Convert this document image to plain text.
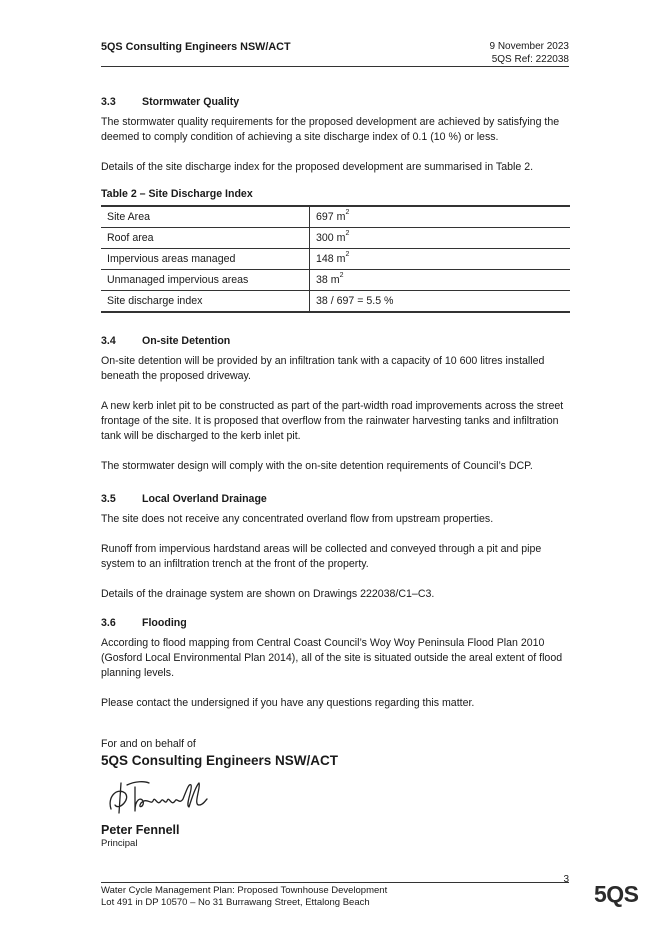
5QS Consulting Engineers NSW/ACT	9 November 2023
5QS Ref: 222038
3.3	Stormwater Quality

The stormwater quality requirements for the proposed development are achieved by satisfying the deemed to comply condition of achieving a site discharge index of 0.1 (10 %) or less.

Details of the site discharge index for the proposed development are summarised in Table 2.

Table 2 – Site Discharge Index
Site Area	697 $m^2$
Roof area	300 $m^2$
Impervious areas managed	148 $m^2$
Unmanaged impervious areas	38 $m^2$
Site discharge index	38 / 697 = 5.5 %
3.4	On-site Detention

On-site detention will be provided by an infiltration tank with a capacity of 10 600 litres installed beneath the proposed driveway.

A new kerb inlet pit to be constructed as part of the part-width road improvements across the street frontage of the site. It is proposed that overflow from the rainwater harvesting tanks and infiltration tank will be discharged to the kerb inlet pit.

The stormwater design will comply with the on-site detention requirements of Council’s DCP.

3.5	Local Overland Drainage

The site does not receive any concentrated overland flow from upstream properties.

Runoff from impervious hardstand areas will be collected and conveyed through a pit and pipe system to an infiltration trench at the front of the property.

Details of the drainage system are shown on Drawings 222038/C1–C3.

3.6	Flooding

According to flood mapping from Central Coast Council’s Woy Woy Peninsula Flood Plan 2010 (Gosford Local Environmental Plan 2014), all of the site is situated outside the areal extent of flood planning levels.

Please contact the undersigned if you have any questions regarding this matter.

For and on behalf of

5QS Consulting Engineers NSW/ACT

Peter Fennell

Principal

3
Water Cycle Management Plan: Proposed Townhouse Development
Lot 491 in DP 10570 – No 31 Burrawang Street, Ettalong Beach	5QS
